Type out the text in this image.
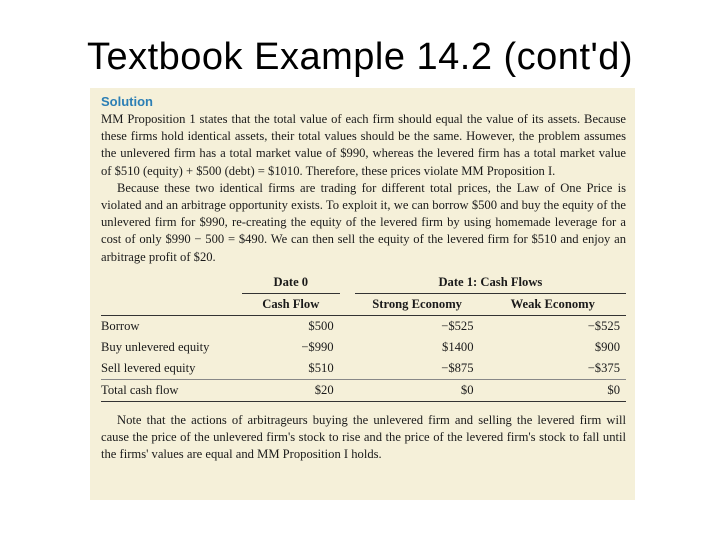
Textbook Example 14.2 (cont'd)
Solution

MM Proposition 1 states that the total value of each firm should equal the value of its assets. Because these firms hold identical assets, their total values should be the same. However, the problem assumes the unlevered firm has a total market value of $990, whereas the levered firm has a total market value of $510 (equity) + $500 (debt) = $1010. Therefore, these prices violate MM Proposition I.

Because these two identical firms are trading for different total prices, the Law of One Price is violated and an arbitrage opportunity exists. To exploit it, we can borrow $500 and buy the equity of the unlevered firm for $990, re-creating the equity of the levered firm by using homemade leverage for a cost of only $990 − 500 = $490. We can then sell the equity of the levered firm for $510 and enjoy an arbitrage profit of $20.

	Date 0		Date 1: Cash Flows	
	Cash Flow		Strong Economy	Weak Economy
Borrow	$500		−$525	−$525
Buy unlevered equity	−$990		$1400	$900
Sell levered equity	$510		−$875	−$375
Total cash flow	$20		$0	$0

Note that the actions of arbitrageurs buying the unlevered firm and selling the levered firm will cause the price of the unlevered firm's stock to rise and the price of the levered firm's stock to fall until the firms' values are equal and MM Proposition I holds.
